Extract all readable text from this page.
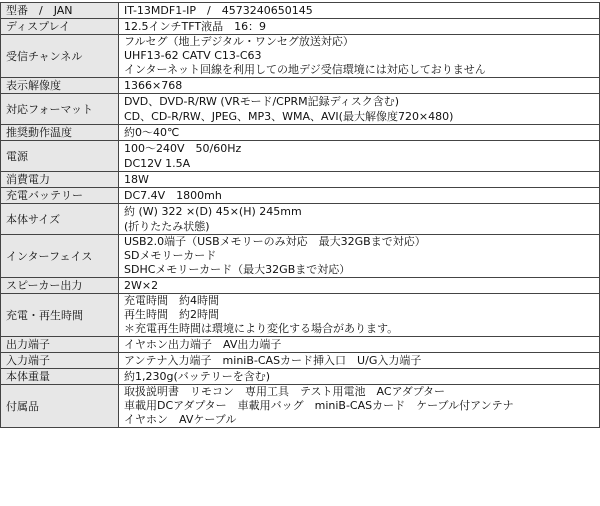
型番　/　JAN	IT-13MDF1-IP　/　4573240650145

ディスプレイ	12.5インチTFT液晶　16：9

受信チャンネル	フルセグ（地上デジタル・ワンセグ放送対応）
UHF13-62 CATV C13-C63
インターネット回線を利用しての地デジ受信環境には対応しておりません

表示解像度	1366×768

対応フォーマット	DVD、DVD-R/RW (VRモード/CPRM記録ディスク含む)
CD、CD-R/RW、JPEG、MP3、WMA、AVI(最大解像度720×480)

推奨動作温度	約0〜40℃

電源	100〜240V　50/60Hz
DC12V 1.5A

消費電力	18W

充電バッテリー	DC7.4V　1800mh

本体サイズ	約 (W) 322 ×(D) 45×(H) 245mm
(折りたたみ状態)

インターフェイス	USB2.0端子（USBメモリーのみ対応　最大32GBまで対応）
SDメモリーカード
SDHCメモリーカード（最大32GBまで対応）

スピーカー出力	2W×2

充電・再生時間	充電時間　約4時間
再生時間　約2時間
＊充電再生時間は環境により変化する場合があります。

出力端子	イヤホン出力端子　AV出力端子

入力端子	アンテナ入力端子　miniB-CASカード挿入口　U/G入力端子

本体重量	約1,230g(バッテリーを含む)

付属品	取扱説明書　リモコン　専用工具　テスト用電池　ACアダプター
車載用DCアダプター　車載用バッグ　miniB-CASカード　ケーブル付アンテナ
イヤホン　AVケーブル
